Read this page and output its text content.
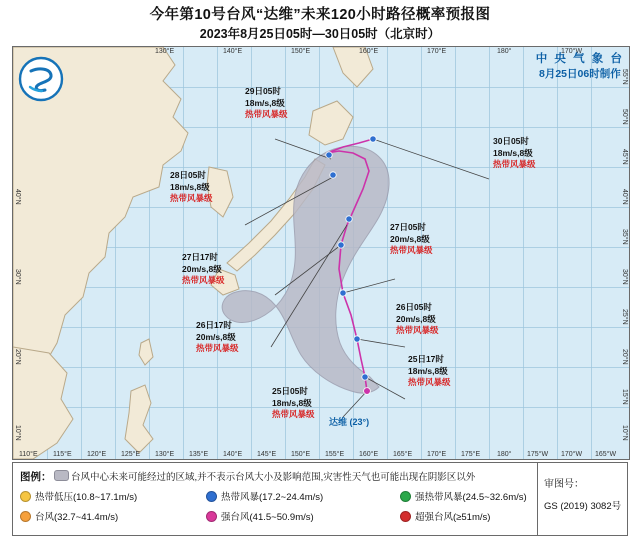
今年第10号台风“达维”未来120小时路径概率预报图
2023年8月25日05时—30日05时（北京时）
110°E 115°E 120°E 125°E 130°E 135°E 140°E 145°E 150°E 155°E 160°E 165°E 170°E 175°E 180° 175°W 170°W 165°W
130°E	140°E	150°E	160°E	170°E	180°	170°W
55°N
50°N
45°N
40°N
35°N
30°N
25°N
20°N
15°N
10°N
40°N
30°N
20°N
10°N
达维 (23°)
中 央 气 象 台
8月25日06时制作
29日05时
18m/s,8级
热带风暴级
30日05时
18m/s,8级
热带风暴级
28日05时
18m/s,8级
热带风暴级
27日05时
20m/s,8级
热带风暴级
27日17时
20m/s,8级
热带风暴级
26日05时
20m/s,8级
热带风暴级
26日17时
20m/s,8级
热带风暴级
25日17时
18m/s,8级
热带风暴级
25日05时
18m/s,8级
热带风暴级
图例： 台风中心未来可能经过的区域,并不表示台风大小及影响范围,灾害性天气也可能出现在阴影区以外
热带低压(10.8~17.1m/s)	热带风暴(17.2~24.4m/s)	强热带风暴(24.5~32.6m/s)
台风(32.7~41.4m/s)	强台风(41.5~50.9m/s)	超强台风(≥51m/s)
审图号：
GS (2019) 3082号
